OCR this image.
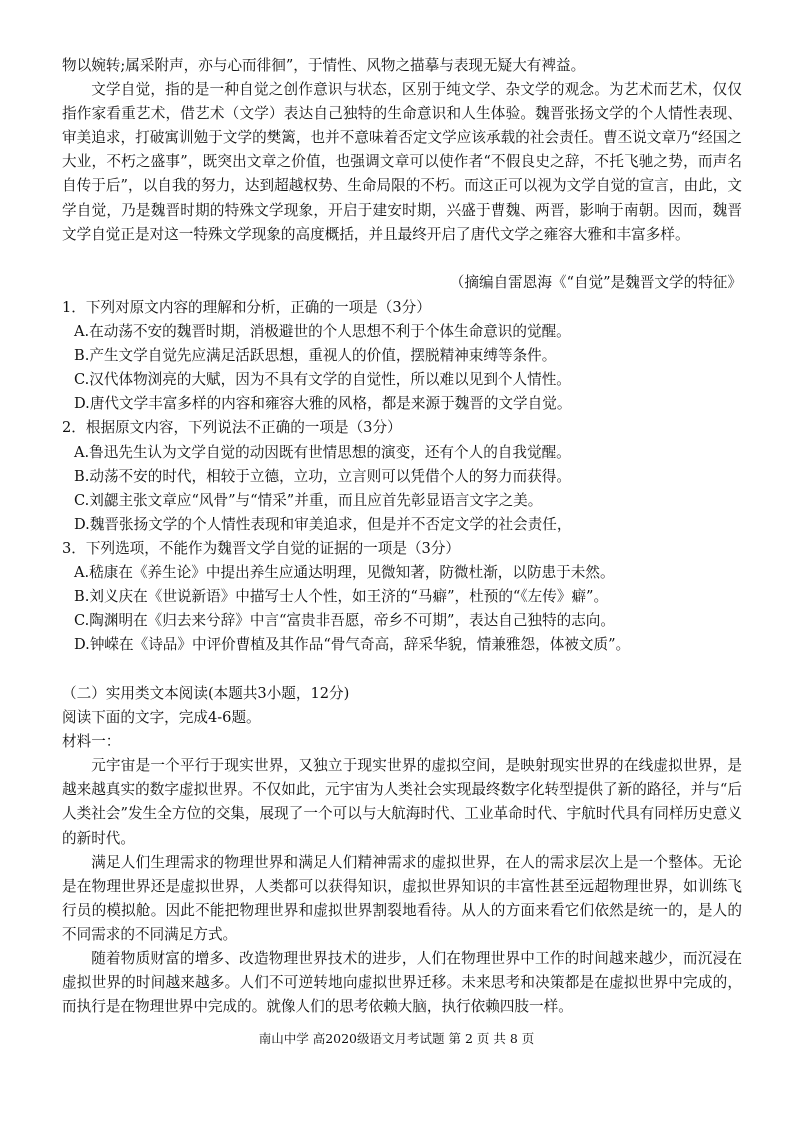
物以婉转;属采附声，亦与心而徘徊”，于情性、风物之描摹与表现无疑大有裨益。

文学自觉，指的是一种自觉之创作意识与状态，区别于纯文学、杂文学的观念。为艺术而艺术，仅仅指作家看重艺术，借艺术（文学）表达自己独特的生命意识和人生体验。魏晋张扬文学的个人情性表现、审美追求，打破寓训勉于文学的樊篱，也并不意味着否定文学应该承载的社会责任。曹丕说文章乃“经国之大业，不朽之盛事”，既突出文章之价值，也强调文章可以使作者“不假良史之辞，不托飞驰之势，而声名自传于后”，以自我的努力，达到超越权势、生命局限的不朽。而这正可以视为文学自觉的宣言，由此，文学自觉，乃是魏晋时期的特殊文学现象，开启于建安时期，兴盛于曹魏、两晋，影响于南朝。因而，魏晋文学自觉正是对这一特殊文学现象的高度概括，并且最终开启了唐代文学之雍容大雅和丰富多样。

（摘编自雷恩海《“自觉”是魏晋文学的特征》

1．下列对原文内容的理解和分析，正确的一项是（3分）

A.在动荡不安的魏晋时期，消极避世的个人思想不利于个体生命意识的觉醒。

B.产生文学自觉先应满足活跃思想，重视人的价值，摆脱精神束缚等条件。

C.汉代体物浏亮的大赋，因为不具有文学的自觉性，所以难以见到个人情性。

D.唐代文学丰富多样的内容和雍容大雅的风格，都是来源于魏晋的文学自觉。

2．根据原文内容，下列说法不正确的一项是（3分）

A.鲁迅先生认为文学自觉的动因既有世情思想的演变，还有个人的自我觉醒。

B.动荡不安的时代，相较于立德，立功，立言则可以凭借个人的努力而获得。

C.刘勰主张文章应“风骨”与“情采”并重，而且应首先彰显语言文字之美。

D.魏晋张扬文学的个人情性表现和审美追求，但是并不否定文学的社会责任，

3．下列选项，不能作为魏晋文学自觉的证据的一项是（3分）

A.嵇康在《养生论》中提出养生应通达明理，见微知著，防微杜渐，以防患于未然。

B.刘义庆在《世说新语》中描写士人个性，如王济的“马癖”，杜预的“《左传》癖”。

C.陶渊明在《归去来兮辞》中言“富贵非吾愿，帝乡不可期”，表达自己独特的志向。

D.钟嵘在《诗品》中评价曹植及其作品“骨气奇高，辞采华貌，情兼雅怨，体被文质”。

（二）实用类文本阅读(本题共3小题，12分)

阅读下面的文字，完成4-6题。

材料一：

元宇宙是一个平行于现实世界，又独立于现实世界的虚拟空间，是映射现实世界的在线虚拟世界，是越来越真实的数字虚拟世界。不仅如此，元宇宙为人类社会实现最终数字化转型提供了新的路径，并与“后人类社会”发生全方位的交集，展现了一个可以与大航海时代、工业革命时代、宇航时代具有同样历史意义的新时代。

满足人们生理需求的物理世界和满足人们精神需求的虚拟世界，在人的需求层次上是一个整体。无论是在物理世界还是虚拟世界，人类都可以获得知识，虚拟世界知识的丰富性甚至远超物理世界，如训练飞行员的模拟舱。因此不能把物理世界和虚拟世界割裂地看待。从人的方面来看它们依然是统一的，是人的不同需求的不同满足方式。

随着物质财富的增多、改造物理世界技术的进步，人们在物理世界中工作的时间越来越少，而沉浸在虚拟世界的时间越来越多。人们不可逆转地向虚拟世界迁移。未来思考和决策都是在虚拟世界中完成的，而执行是在物理世界中完成的。就像人们的思考依赖大脑，执行依赖四肢一样。

南山中学 高2020级语文月考试题 第 2 页 共 8 页
